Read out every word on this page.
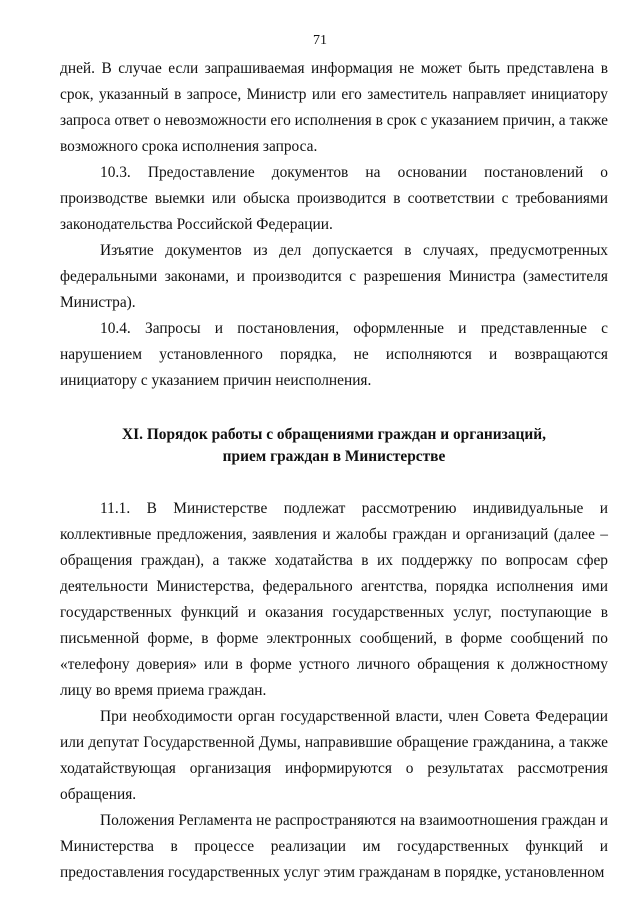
71

дней. В случае если запрашиваемая информация не может быть представлена в срок, указанный в запросе, Министр или его заместитель направляет инициатору запроса ответ о невозможности его исполнения в срок с указанием причин, а также возможного срока исполнения запроса.

10.3. Предоставление документов на основании постановлений о производстве выемки или обыска производится в соответствии с требованиями законодательства Российской Федерации.

Изъятие документов из дел допускается в случаях, предусмотренных федеральными законами, и производится с разрешения Министра (заместителя Министра).

10.4. Запросы и постановления, оформленные и представленные с нарушением установленного порядка, не исполняются и возвращаются инициатору с указанием причин неисполнения.

XI. Порядок работы с обращениями граждан и организаций,
прием граждан в Министерстве

11.1. В Министерстве подлежат рассмотрению индивидуальные и коллективные предложения, заявления и жалобы граждан и организаций (далее – обращения граждан), а также ходатайства в их поддержку по вопросам сфер деятельности Министерства, федерального агентства, порядка исполнения ими государственных функций и оказания государственных услуг, поступающие в письменной форме, в форме электронных сообщений, в форме сообщений по «телефону доверия» или в форме устного личного обращения к должностному лицу во время приема граждан.

При необходимости орган государственной власти, член Совета Федерации или депутат Государственной Думы, направившие обращение гражданина, а также ходатайствующая организация информируются о результатах рассмотрения обращения.

Положения Регламента не распространяются на взаимоотношения граждан и Министерства в процессе реализации им государственных функций и предоставления государственных услуг этим гражданам в порядке, установленном
